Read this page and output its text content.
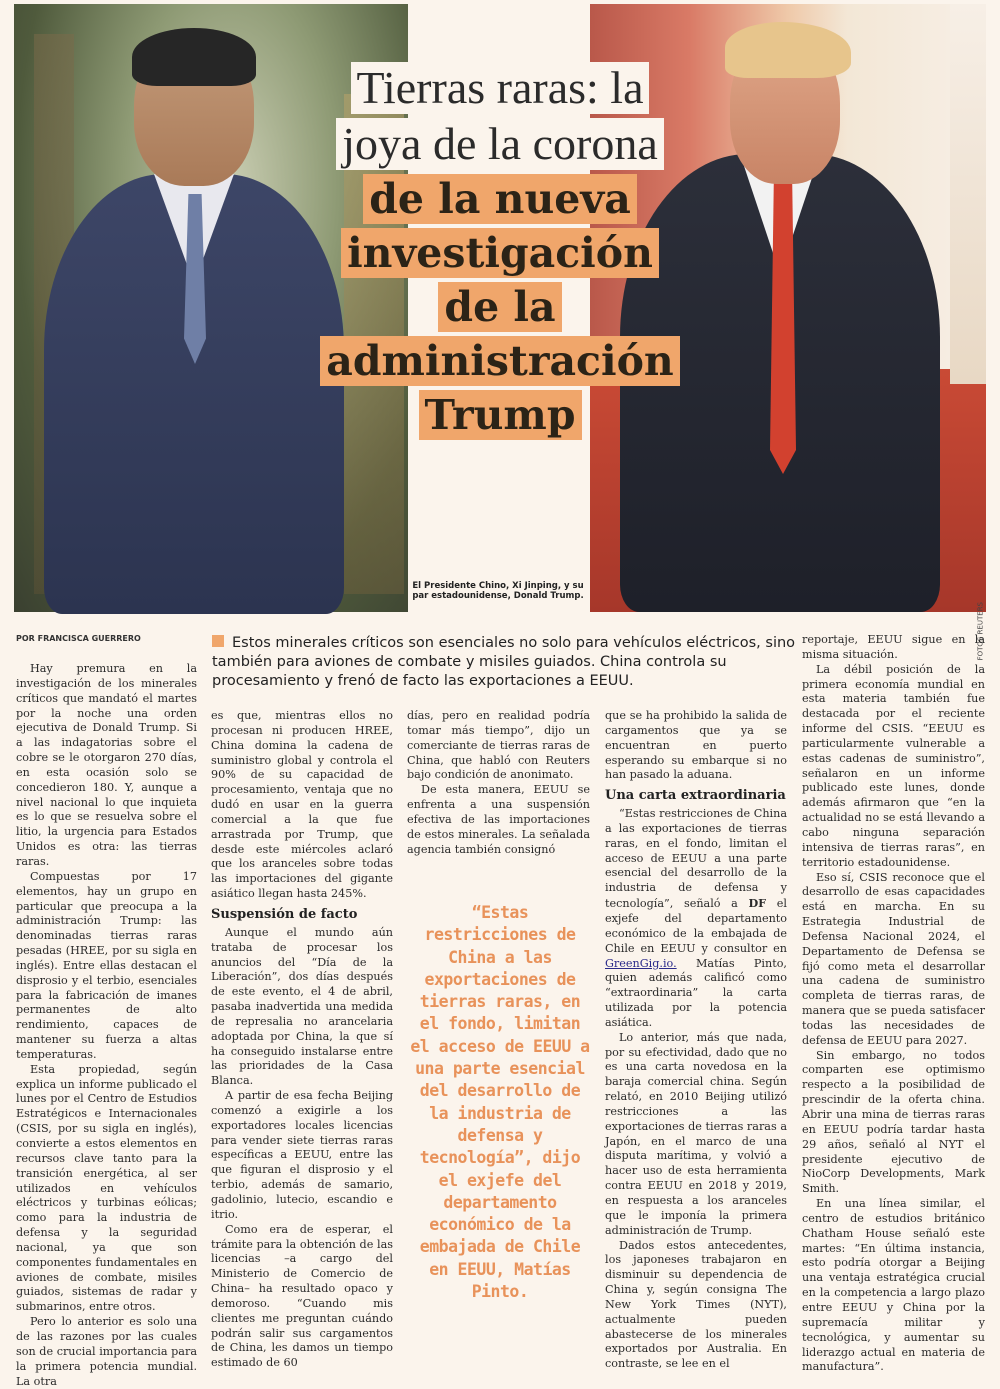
FOTOS REUTERS
El Presidente Chino, Xi Jinping, y su par estadounidense, Donald Trump.
Tierras raras: la
joya de la corona
de la nueva
investigación
de la
administración
Trump
POR FRANCISCA GUERRERO	Estos minerales críticos son esenciales no solo para vehículos eléctricos, sino también para aviones de combate y misiles guiados. China controla su procesamiento y frenó de facto las exportaciones a EEUU.

Hay premura en la investigación de los minerales críticos que mandató el martes por la noche una orden ejecutiva de Donald Trump. Si a las indagatorias sobre el cobre se le otorgaron 270 días, en esta ocasión solo se concedieron 180. Y, aunque a nivel nacional lo que inquieta es lo que se resuelva sobre el litio, la urgencia para Estados Unidos es otra: las tierras raras.

Compuestas por 17 elementos, hay un grupo en particular que preocupa a la administración Trump: las denominadas tierras raras pesadas (HREE, por su sigla en inglés). Entre ellas destacan el disprosio y el terbio, esenciales para la fabricación de imanes permanentes de alto rendimiento, capaces de mantener su fuerza a altas temperaturas.

Esta propiedad, según explica un informe publicado el lunes por el Centro de Estudios Estratégicos e Internacionales (CSIS, por su sigla en inglés), convierte a estos elementos en recursos clave tanto para la transición energética, al ser utilizados en vehículos eléctricos y turbinas eólicas; como para la industria de defensa y la seguridad nacional, ya que son componentes fundamentales en aviones de combate, misiles guiados, sistemas de radar y submarinos, entre otros.

Pero lo anterior es solo una de las razones por las cuales son de crucial importancia para la primera potencia mundial. La otra

es que, mientras ellos no procesan ni producen HREE, China domina la cadena de suministro global y controla el 90% de su capacidad de procesamiento, ventaja que no dudó en usar en la guerra comercial a la que fue arrastrada por Trump, que desde este miércoles aclaró que los aranceles sobre todas las importaciones del gigante asiático llegan hasta 245%.

Suspensión de facto

Aunque el mundo aún trataba de procesar los anuncios del “Día de la Liberación”, dos días después de este evento, el 4 de abril, pasaba inadvertida una medida de represalia no arancelaria adoptada por China, la que sí ha conseguido instalarse entre las prioridades de la Casa Blanca.

A partir de esa fecha Beijing comenzó a exigirle a los exportadores locales licencias para vender siete tierras raras específicas a EEUU, entre las que figuran el disprosio y el terbio, además de samario, gadolinio, lutecio, escandio e itrio.

Como era de esperar, el trámite para la obtención de las licencias –a cargo del Ministerio de Comercio de China– ha resultado opaco y demoroso. “Cuando mis clientes me preguntan cuándo podrán salir sus cargamentos de China, les damos un tiempo estimado de 60

días, pero en realidad podría tomar más tiempo”, dijo un comerciante de tierras raras de China, que habló con Reuters bajo condición de anonimato.

De esta manera, EEUU se enfrenta a una suspensión efectiva de las importaciones de estos minerales. La señalada agencia también consignó

“Estas restricciones de China a las exportaciones de tierras raras, en el fondo, limitan el acceso de EEUU a una parte esencial del desarrollo de la industria de defensa y tecnología”, dijo el exjefe del departamento económico de la embajada de Chile en EEUU, Matías Pinto.

que se ha prohibido la salida de cargamentos que ya se encuentran en puerto esperando su embarque si no han pasado la aduana.

Una carta extraordinaria

“Estas restricciones de China a las exportaciones de tierras raras, en el fondo, limitan el acceso de EEUU a una parte esencial del desarrollo de la industria de defensa y tecnología”, señaló a DF el exjefe del departamento económico de la embajada de Chile en EEUU y consultor en GreenGig.io. Matías Pinto, quien además calificó como “extraordinaria” la carta utilizada por la potencia asiática.

Lo anterior, más que nada, por su efectividad, dado que no es una carta novedosa en la baraja comercial china. Según relató, en 2010 Beijing utilizó restricciones a las exportaciones de tierras raras a Japón, en el marco de una disputa marítima, y volvió a hacer uso de esta herramienta contra EEUU en 2018 y 2019, en respuesta a los aranceles que le imponía la primera administración de Trump.

Dados estos antecedentes, los japoneses trabajaron en disminuir su dependencia de China y, según consigna The New York Times (NYT), actualmente pueden abastecerse de los minerales exportados por Australia. En contraste, se lee en el

reportaje, EEUU sigue en la misma situación.

La débil posición de la primera economía mundial en esta materia también fue destacada por el reciente informe del CSIS. “EEUU es particularmente vulnerable a estas cadenas de suministro”, señalaron en un informe publicado este lunes, donde además afirmaron que “en la actualidad no se está llevando a cabo ninguna separación intensiva de tierras raras”, en territorio estadounidense.

Eso sí, CSIS reconoce que el desarrollo de esas capacidades está en marcha. En su Estrategia Industrial de Defensa Nacional 2024, el Departamento de Defensa se fijó como meta el desarrollar una cadena de suministro completa de tierras raras, de manera que se pueda satisfacer todas las necesidades de defensa de EEUU para 2027.

Sin embargo, no todos comparten ese optimismo respecto a la posibilidad de prescindir de la oferta china. Abrir una mina de tierras raras en EEUU podría tardar hasta 29 años, señaló al NYT el presidente ejecutivo de NioCorp Developments, Mark Smith.

En una línea similar, el centro de estudios británico Chatham House señaló este martes: “En última instancia, esto podría otorgar a Beijing una ventaja estratégica crucial en la competencia a largo plazo entre EEUU y China por la supremacía militar y tecnológica, y aumentar su liderazgo actual en materia de manufactura”.
